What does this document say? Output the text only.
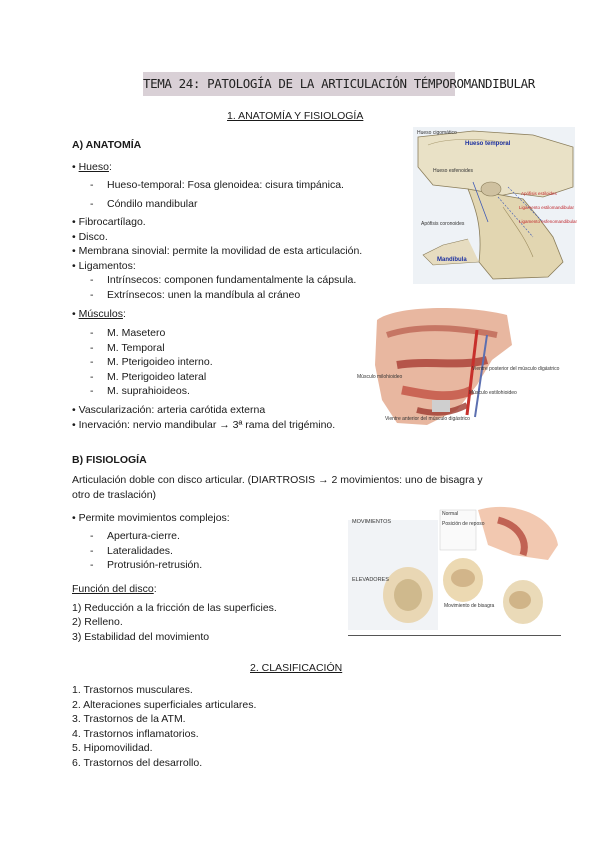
TEMA 24: PATOLOGÍA DE LA ARTICULACIÓN TÉMPOROMANDIBULAR
1. ANATOMÍA Y FISIOLOGÍA
A) ANATOMÍA
• Hueso:
- Hueso-temporal: Fosa glenoidea: cisura timpánica.
- Cóndilo mandibular
• Fibrocartílago.
• Disco.
• Membrana sinovial: permite la movilidad de esta articulación.
• Ligamentos:
- Intrínsecos: componen fundamentalmente la cápsula.
- Extrínsecos: unen la mandíbula al cráneo
• Músculos:
- M. Masetero
- M. Temporal
- M. Pterigoideo interno.
- M. Pterigoideo lateral
- M. suprahioideos.
• Vascularización: arteria carótida externa
• Inervación: nervio mandibular → 3ª rama del trigémino.
B) FISIOLOGÍA
Articulación doble con disco articular. (DIARTROSIS → 2 movimientos: uno de bisagra y
otro de traslación)
• Permite movimientos complejos:
- Apertura-cierre.
- Lateralidades.
- Protrusión-retrusión.
Función del disco:
1) Reducción a la fricción de las superficies.
2) Relleno.
3) Estabilidad del movimiento
2. CLASIFICACIÓN
1. Trastornos musculares.
2. Alteraciones superficiales articulares.
3. Trastornos de la ATM.
4. Trastornos inflamatorios.
5. Hipomovilidad.
6. Trastornos del desarrollo.
Hueso temporal
Mandíbula
Hueso cigomático
Hueso esfenoides
Apófisis estiloides
Ligamento estilomandibular
Ligamento esfenomandibular
Apófisis coronoides
Músculo milohioideo
Vientre posterior del músculo digástrico
Músculo estilohioideo
Vientre anterior del músculo digástrico
MOVIMIENTOS
ELEVADORES
Normal
Posición de reposo
Movimiento de bisagra
